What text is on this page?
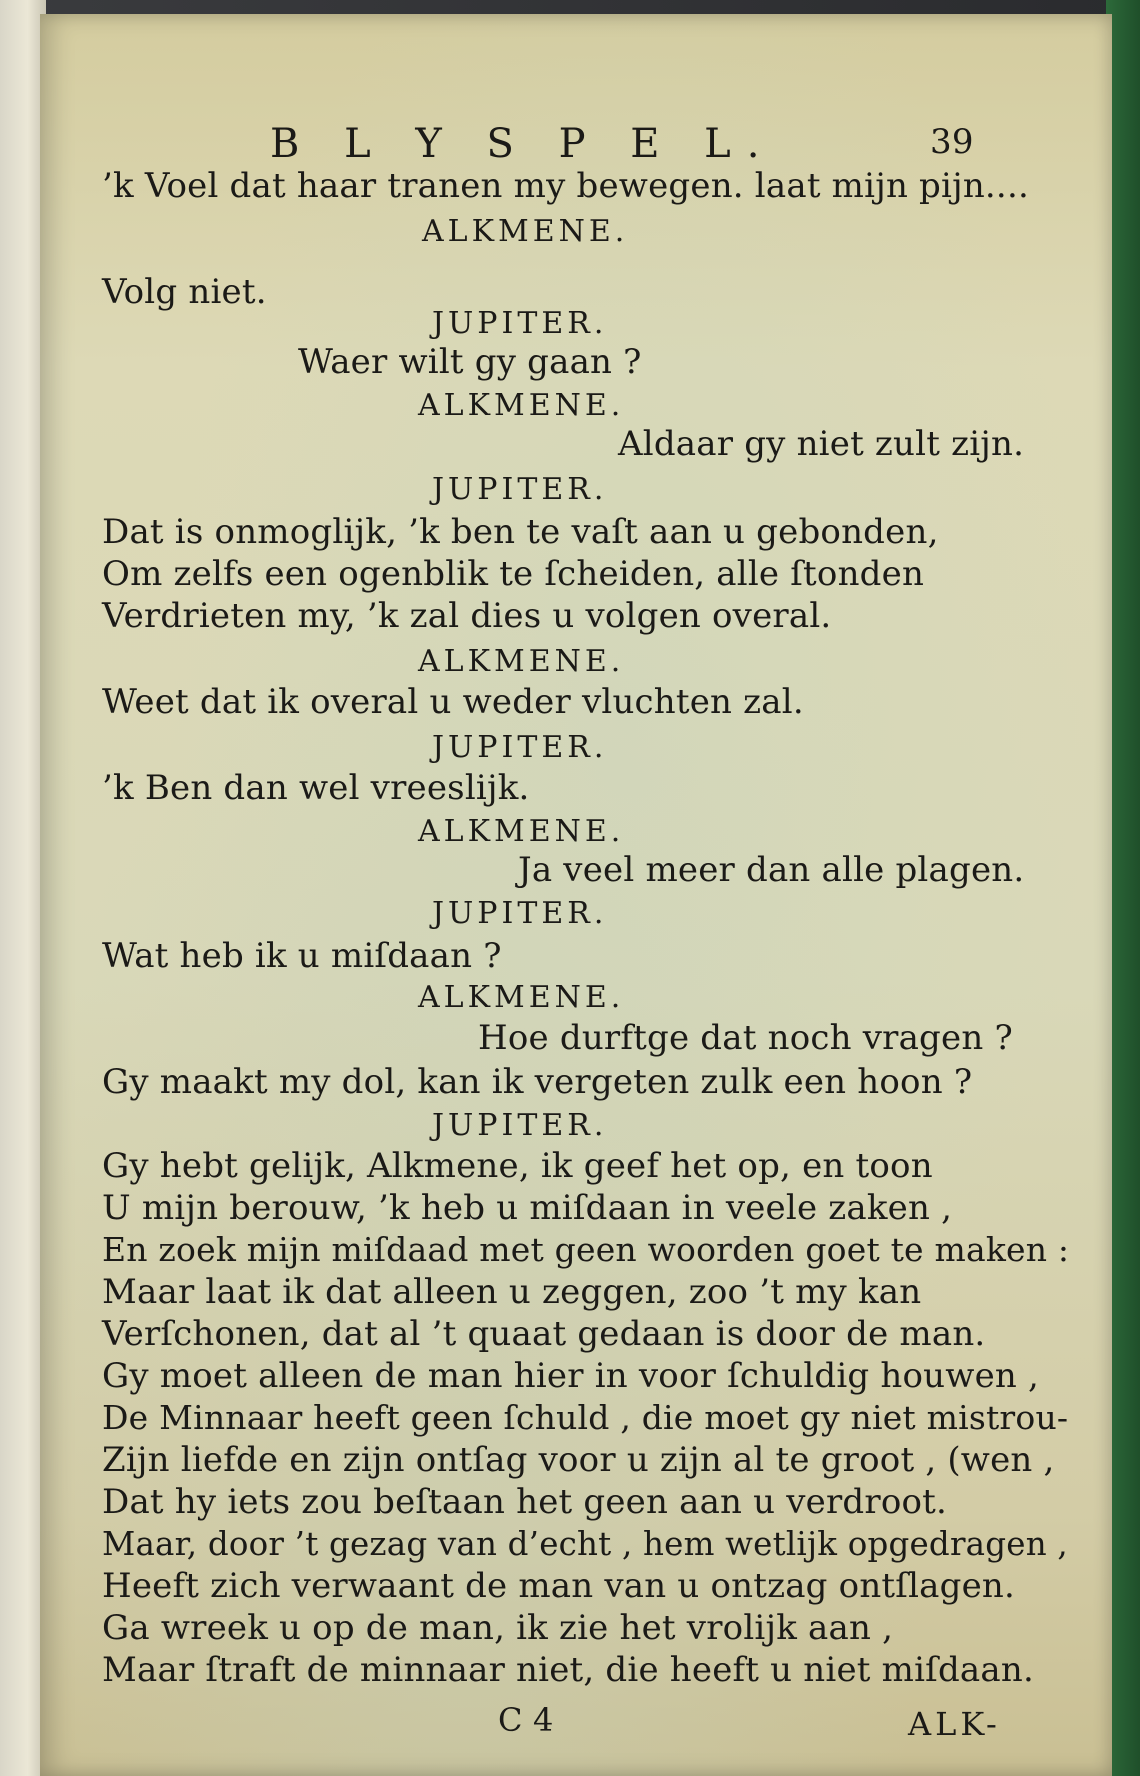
B L Y S P E L.	39
’k Voel dat haar tranen my bewegen. laat mijn pijn....
ALKMENE.
Volg niet.
JUPITER.
Waer wilt gy gaan ?
ALKMENE.
Aldaar gy niet zult zijn.
JUPITER.
Dat is onmoglijk, ’k ben te vaſt aan u gebonden,
Om zelfs een ogenblik te ſcheiden, alle ſtonden
Verdrieten my, ’k zal dies u volgen overal.
ALKMENE.
Weet dat ik overal u weder vluchten zal.
JUPITER.
’k Ben dan wel vreeslijk.
ALKMENE.
Ja veel meer dan alle plagen.
JUPITER.
Wat heb ik u miſdaan ?
ALKMENE.
Hoe durftge dat noch vragen ?
Gy maakt my dol, kan ik vergeten zulk een hoon ?
JUPITER.
Gy hebt gelijk, Alkmene, ik geef het op, en toon
U mijn berouw, ’k heb u miſdaan in veele zaken ,
En zoek mijn miſdaad met geen woorden goet te maken :
Maar laat ik dat alleen u zeggen, zoo ’t my kan
Verſchonen, dat al ’t quaat gedaan is door de man.
Gy moet alleen de man hier in voor ſchuldig houwen ,
De Minnaar heeft geen ſchuld , die moet gy niet mistrou-
Zijn liefde en zijn ontſag voor u zijn al te groot , (wen ,
Dat hy iets zou beſtaan het geen aan u verdroot.
Maar, door ’t gezag van d’echt , hem wetlijk opgedragen ,
Heeft zich verwaant de man van u ontzag ontſlagen.
Ga wreek u op de man, ik zie het vrolijk aan ,
Maar ſtraft de minnaar niet, die heeft u niet miſdaan.
C 4	ALK-
